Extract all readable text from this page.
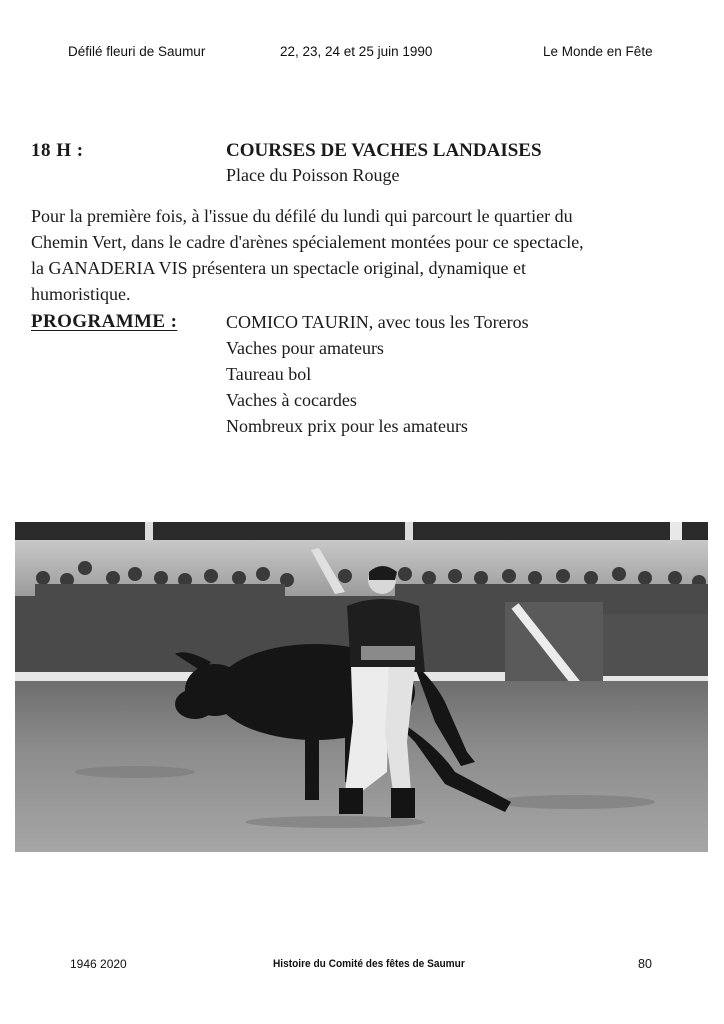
Défilé fleuri de Saumur	22, 23, 24 et 25 juin 1990	Le Monde en Fête
18 H :	COURSES DE VACHES LANDAISES
Place du Poisson Rouge
Pour la première fois, à l'issue du défilé du lundi qui parcourt le quartier du
Chemin Vert, dans le cadre d'arènes spécialement montées pour ce spectacle,
la GANADERIA VIS présentera un spectacle original, dynamique et
humoristique.
PROGRAMME :	COMICO TAURIN, avec tous les Toreros
Vaches pour amateurs
Taureau bol
Vaches à cocardes
Nombreux prix pour les amateurs
1946 2020	Histoire du Comité des fêtes de Saumur	80
